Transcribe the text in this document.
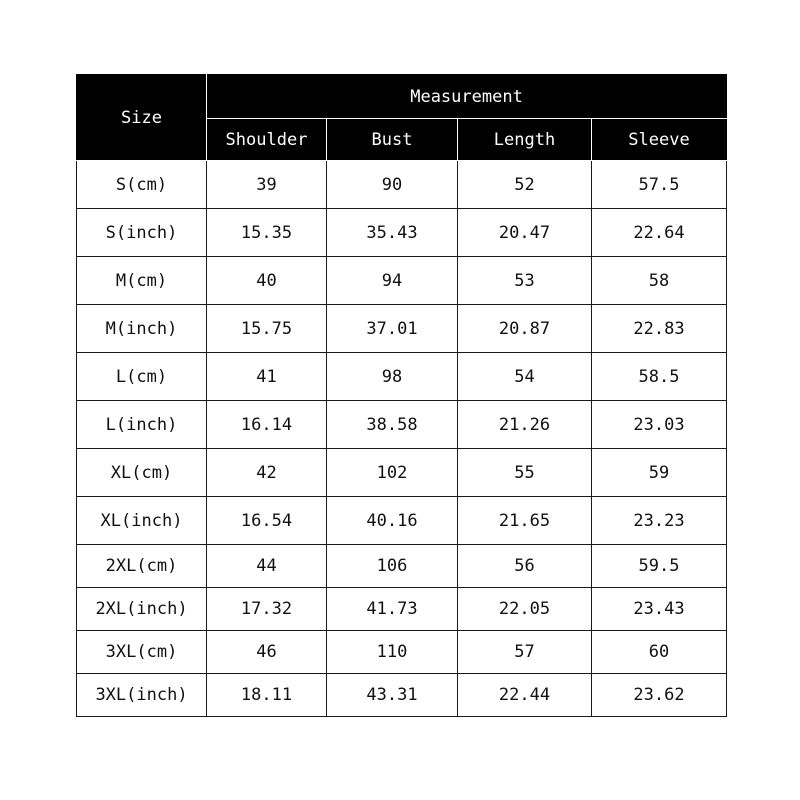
Size	Measurement			
	Shoulder	Bust	Length	Sleeve
S(cm)	39	90	52	57.5
S(inch)	15.35	35.43	20.47	22.64
M(cm)	40	94	53	58
M(inch)	15.75	37.01	20.87	22.83
L(cm)	41	98	54	58.5
L(inch)	16.14	38.58	21.26	23.03
XL(cm)	42	102	55	59
XL(inch)	16.54	40.16	21.65	23.23
2XL(cm)	44	106	56	59.5
2XL(inch)	17.32	41.73	22.05	23.43
3XL(cm)	46	110	57	60
3XL(inch)	18.11	43.31	22.44	23.62
